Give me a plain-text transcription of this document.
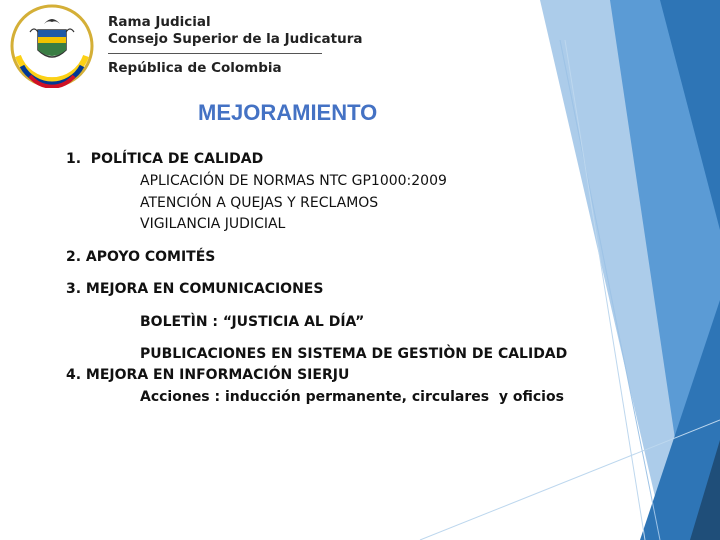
Rama Judicial
Consejo Superior de la Judicatura
República de Colombia
MEJORAMIENTO
1.  POLÍTICA DE CALIDAD
APLICACIÓN DE NORMAS NTC GP1000:2009
ATENCIÓN A QUEJAS Y RECLAMOS
VIGILANCIA JUDICIAL
2. APOYO COMITÉS
3. MEJORA EN COMUNICACIONES
BOLETÌN : “JUSTICIA AL DÍA”
PUBLICACIONES EN SISTEMA DE GESTIÒN DE CALIDAD
4. MEJORA EN INFORMACIÓN SIERJU
Acciones : inducción permanente, circulares  y oficios
